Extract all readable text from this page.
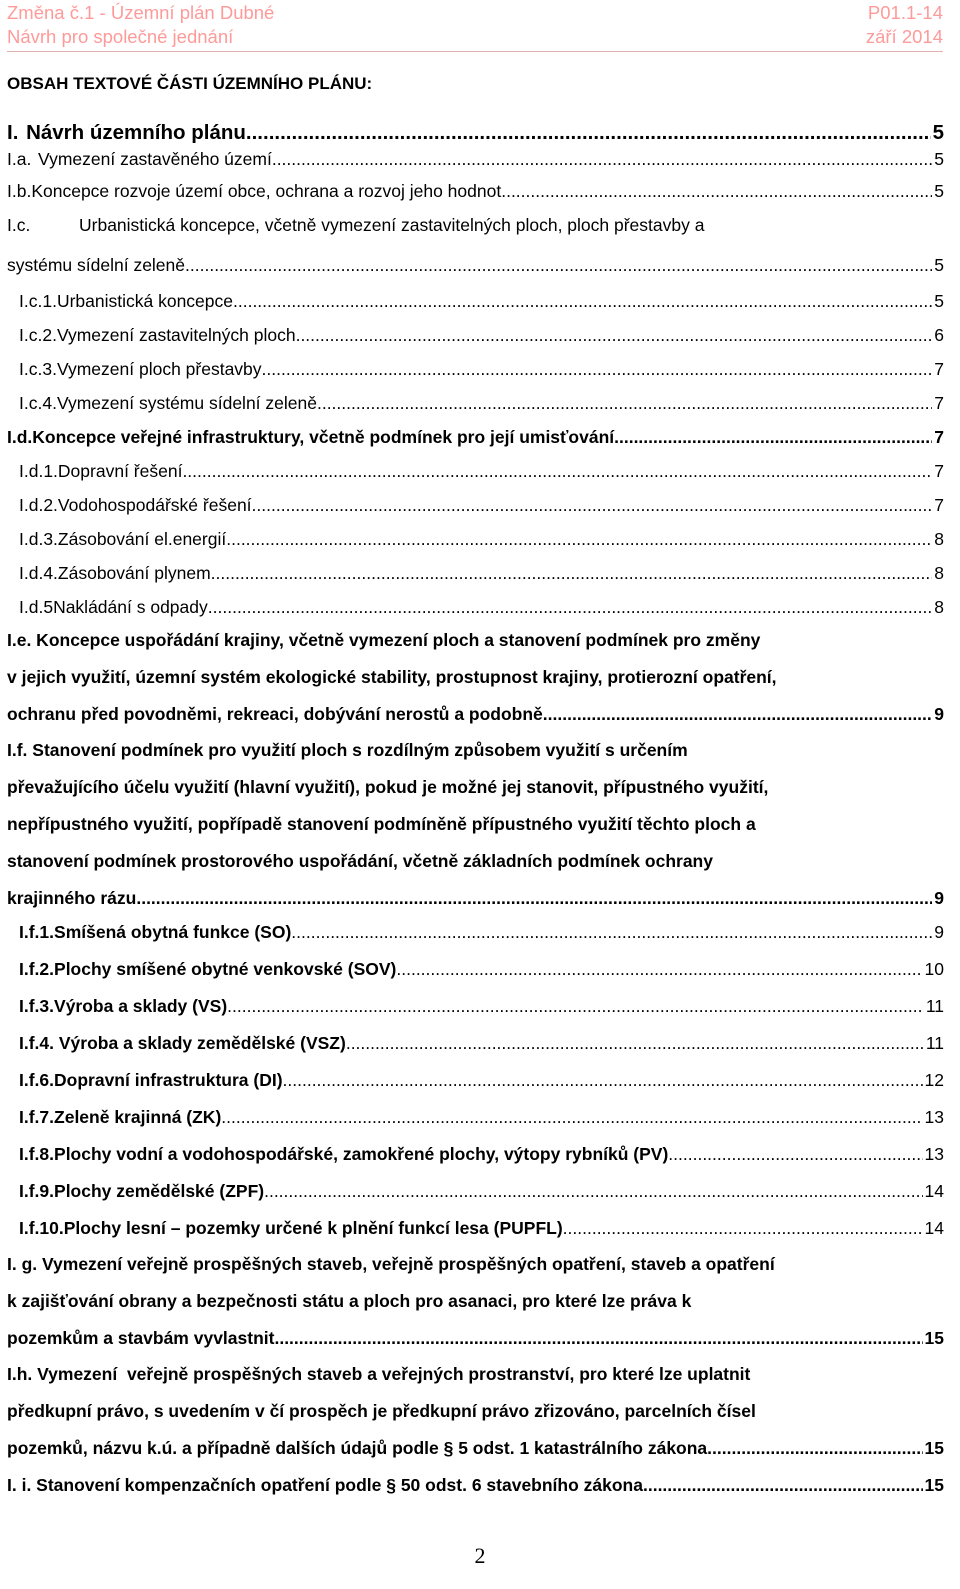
Změna č.1 - Územní plán Dubné	P01.1-14
Návrh pro společné jednání	září 2014
OBSAH TEXTOVÉ ČÁSTI ÚZEMNÍHO PLÁNU:
I. Návrh územního plánu .....	5
I.a. Vymezení zastavěného území .....	5
I.b. Koncepce rozvoje území obce, ochrana a rozvoj jeho hodnot .....	5
I.c.	Urbanistická koncepce, včetně vymezení zastavitelných ploch, ploch přestavby a
systému sídelní zeleně .....	5
I.c.1. Urbanistická koncepce .....	5
I.c.2. Vymezení zastavitelných ploch .....	6
I.c.3. Vymezení ploch přestavby .....	7
I.c.4. Vymezení systému sídelní zeleně .....	7
I.d. Koncepce veřejné infrastruktury, včetně podmínek pro její umisťování .....	7
I.d.1. Dopravní řešení .....	7
I.d.2. Vodohospodářské řešení .....	7
I.d.3. Zásobování el.energií .....	8
I.d.4. Zásobování plynem .....	8
I.d.5 Nakládání s odpady .....	8
I.e. Koncepce uspořádání krajiny, včetně vymezení ploch a stanovení podmínek pro změny
v jejich využití, územní systém ekologické stability, prostupnost krajiny, protierozní opatření,
ochranu před povodněmi, rekreaci, dobývání nerostů a podobně .....	9
I.f. Stanovení podmínek pro využití ploch s rozdílným způsobem využití s určením
převažujícího účelu využití (hlavní využití), pokud je možné jej stanovit, přípustného využití,
nepřípustného využití, popřípadě stanovení podmíněně přípustného využití těchto ploch a
stanovení podmínek prostorového uspořádání, včetně základních podmínek ochrany
krajinného rázu .....	9
I.f.1. Smíšená obytná funkce (SO) .....	9
I.f.2. Plochy smíšené obytné venkovské (SOV) .....	10
I.f.3. Výroba a sklady (VS) .....	11
I.f.4. Výroba a sklady zemědělské (VSZ) .....	11
I.f.6. Dopravní infrastruktura (DI) .....	12
I.f.7. Zeleně krajinná (ZK) .....	13
I.f.8. Plochy vodní a vodohospodářské, zamokřené plochy, výtopy rybníků (PV) .....	13
I.f.9. Plochy zemědělské (ZPF) .....	14
I.f.10. Plochy lesní – pozemky určené k plnění funkcí lesa (PUPFL) .....	14
I. g. Vymezení veřejně prospěšných staveb, veřejně prospěšných opatření, staveb a opatření
k zajišťování obrany a bezpečnosti státu a ploch pro asanaci, pro které lze práva k
pozemkům a stavbám vyvlastnit .....	15
I.h. Vymezení  veřejně prospěšných staveb a veřejných prostranství, pro které lze uplatnit
předkupní právo, s uvedením v čí prospěch je předkupní právo zřizováno, parcelních čísel
pozemků, názvu k.ú. a případně dalších údajů podle § 5 odst. 1 katastrálního zákona .....	15
I. i. Stanovení kompenzačních opatření podle § 50 odst. 6 stavebního zákona .....	15
2
